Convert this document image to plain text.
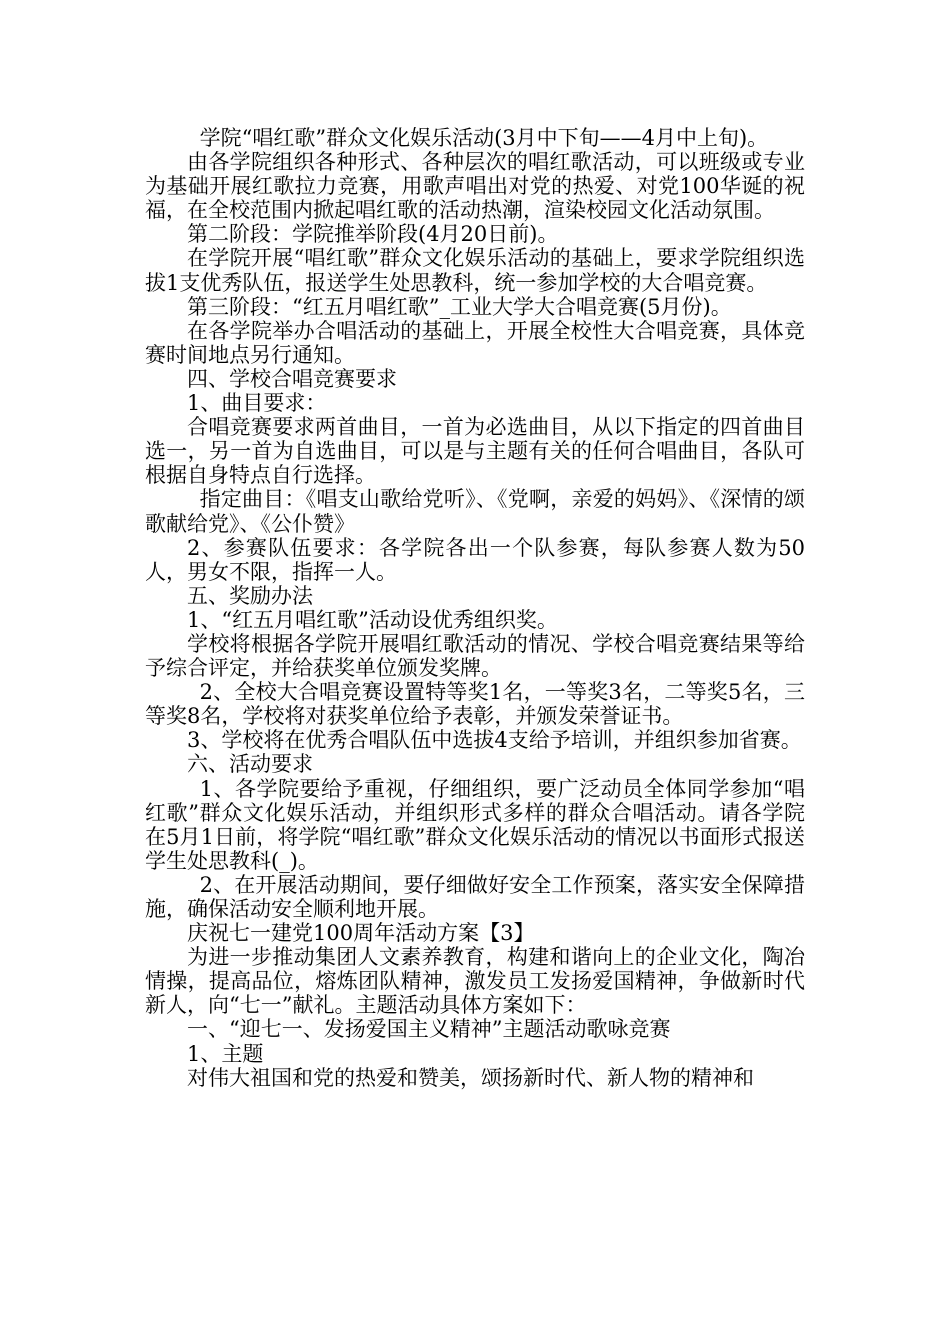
学院“唱红歌”群众文化娱乐活动(3月中下旬——4月中上旬)。

由各学院组织各种形式、各种层次的唱红歌活动，可以班级或专业为基础开展红歌拉力竞赛，用歌声唱出对党的热爱、对党100华诞的祝福，在全校范围内掀起唱红歌的活动热潮，渲染校园文化活动氛围。

第二阶段：学院推举阶段(4月20日前)。

在学院开展“唱红歌”群众文化娱乐活动的基础上，要求学院组织选拔1支优秀队伍，报送学生处思教科，统一参加学校的大合唱竞赛。

第三阶段：“红五月唱红歌”_工业大学大合唱竞赛(5月份)。

在各学院举办合唱活动的基础上，开展全校性大合唱竞赛，具体竞赛时间地点另行通知。

四、学校合唱竞赛要求

1、曲目要求：

合唱竞赛要求两首曲目，一首为必选曲目，从以下指定的四首曲目选一，另一首为自选曲目，可以是与主题有关的任何合唱曲目，各队可根据自身特点自行选择。

指定曲目：《唱支山歌给党听》、《党啊，亲爱的妈妈》、《深情的颂歌献给党》、《公仆赞》

2、参赛队伍要求：各学院各出一个队参赛，每队参赛人数为50人，男女不限，指挥一人。

五、奖励办法

1、“红五月唱红歌”活动设优秀组织奖。

学校将根据各学院开展唱红歌活动的情况、学校合唱竞赛结果等给予综合评定，并给获奖单位颁发奖牌。

2、全校大合唱竞赛设置特等奖1名，一等奖3名，二等奖5名，三等奖8名，学校将对获奖单位给予表彰，并颁发荣誉证书。

3、学校将在优秀合唱队伍中选拔4支给予培训，并组织参加省赛。

六、活动要求

1、各学院要给予重视，仔细组织，要广泛动员全体同学参加“唱红歌”群众文化娱乐活动，并组织形式多样的群众合唱活动。请各学院在5月1日前，将学院“唱红歌”群众文化娱乐活动的情况以书面形式报送学生处思教科(_)。

2、在开展活动期间，要仔细做好安全工作预案，落实安全保障措施，确保活动安全顺利地开展。

庆祝七一建党100周年活动方案【3】

为进一步推动集团人文素养教育，构建和谐向上的企业文化，陶冶情操，提高品位，熔炼团队精神，激发员工发扬爱国精神，争做新时代新人，向“七一”献礼。主题活动具体方案如下：

一、“迎七一、发扬爱国主义精神”主题活动歌咏竞赛

1、主题

对伟大祖国和党的热爱和赞美，颂扬新时代、新人物的精神和
